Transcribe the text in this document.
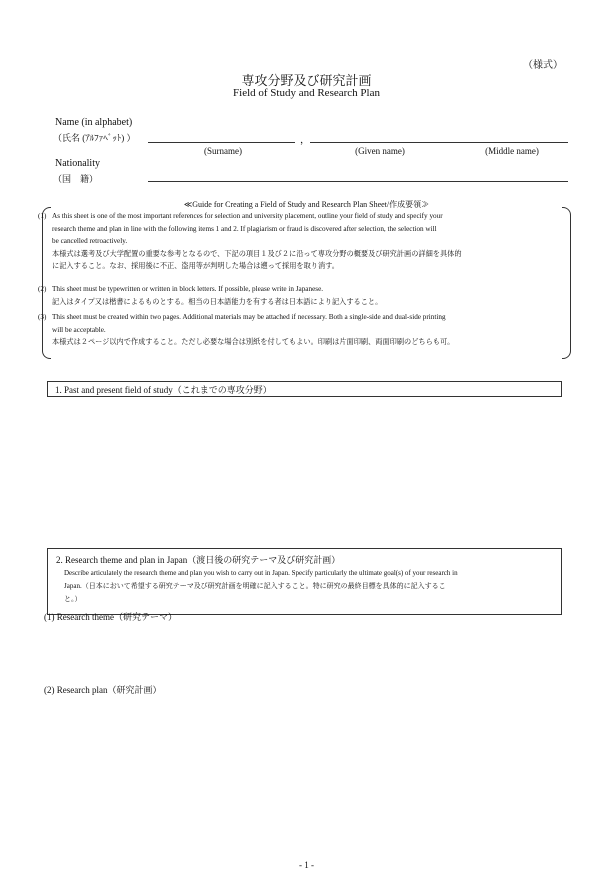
（様式）
専攻分野及び研究計画
Field of Study and Research Plan
Name (in alphabet)
（氏名 (ｱﾙﾌｧﾍﾞｯﾄ) ）	，
(Surname)	(Given name)	(Middle name)
Nationality
（国　籍）
≪Guide for Creating a Field of Study and Research Plan Sheet/作成要領≫
(1) As this sheet is one of the most important references for selection and university placement, outline your field of study and specify your
research theme and plan in line with the following items 1 and 2. If plagiarism or fraud is discovered after selection, the selection will
be cancelled retroactively.
本様式は選考及び大学配置の重要な参考となるので、下記の項目１及び２に沿って専攻分野の概要及び研究計画の詳細を具体的
に記入すること。なお、採用後に不正、盗用等が判明した場合は遡って採用を取り消す。
(2) This sheet must be typewritten or written in block letters. If possible, please write in Japanese.
記入はタイプ又は楷書によるものとする。相当の日本語能力を有する者は日本語により記入すること。
(3) This sheet must be created within two pages. Additional materials may be attached if necessary. Both a single-side and dual-side printing
will be acceptable.
本様式は２ページ以内で作成すること。ただし必要な場合は別紙を付してもよい。印刷は片面印刷、両面印刷のどちらも可。
1. Past and present field of study（これまでの専攻分野）
2. Research theme and plan in Japan（渡日後の研究テーマ及び研究計画）
Describe articulately the research theme and plan you wish to carry out in Japan. Specify particularly the ultimate goal(s) of your research in
Japan.（日本において希望する研究テーマ及び研究計画を明確に記入すること。特に研究の最終目標を具体的に記入するこ
と。）
(1) Research theme（研究テーマ）
(2) Research plan（研究計画）
- 1 -
